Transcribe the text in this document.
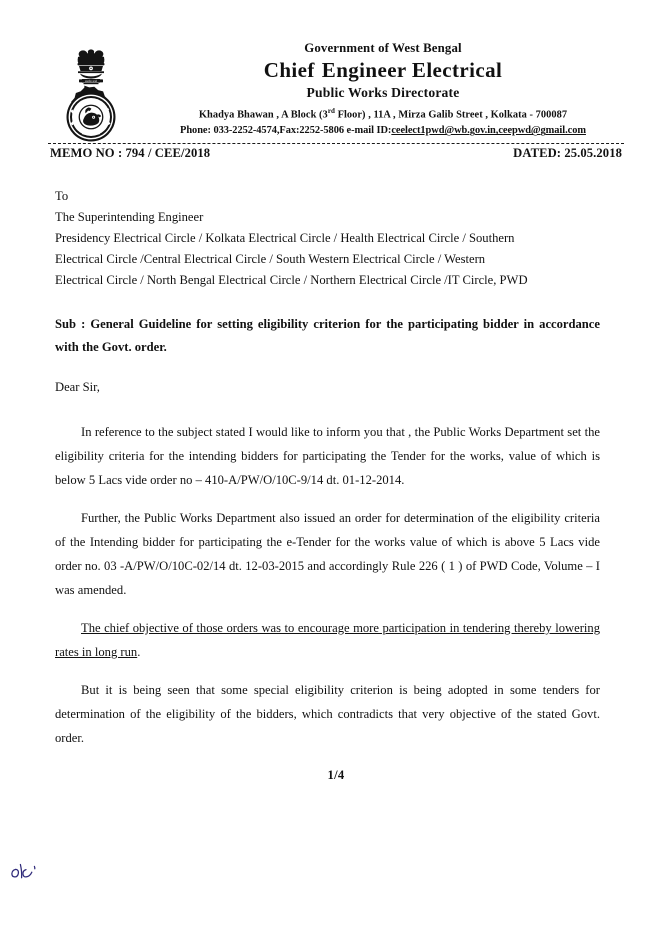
सत्यमेव जयते
Government of West Bengal
Chief Engineer Electrical
Public Works Directorate
Khadya Bhawan , A Block (3rd Floor) , 11A , Mirza Galib Street , Kolkata - 700087
Phone: 033-2252-4574,Fax:2252-5806 e-mail ID:ceelect1pwd@wb.gov.in,ceepwd@gmail.com
MEMO NO : 794 / CEE/2018	DATED: 25.05.2018
To
The Superintending Engineer
Presidency Electrical Circle / Kolkata Electrical Circle / Health Electrical Circle / Southern
Electrical Circle /Central Electrical Circle / South Western Electrical Circle / Western
Electrical Circle / North Bengal Electrical Circle / Northern Electrical Circle /IT Circle, PWD
Sub : General Guideline for setting eligibility criterion for the participating bidder in accordance with the Govt. order.
Dear Sir,

In reference to the subject stated I would like to inform you that , the Public Works Department set the eligibility criteria for the intending bidders for participating the Tender for the works, value of which is below 5 Lacs vide order no – 410-A/PW/O/10C-9/14 dt. 01-12-2014.

Further, the Public Works Department also issued an order for determination of the eligibility criteria of the Intending bidder for participating the e-Tender for the works value of which is above 5 Lacs vide order no. 03 -A/PW/O/10C-02/14 dt. 12-03-2015 and accordingly Rule 226 ( 1 ) of PWD Code, Volume – I was amended.

The chief objective of those orders was to encourage more participation in tendering thereby lowering rates in long run.

But it is being seen that some special eligibility criterion is being adopted in some tenders for determination of the eligibility of the bidders, which contradicts that very objective of the stated Govt. order.

1/4
